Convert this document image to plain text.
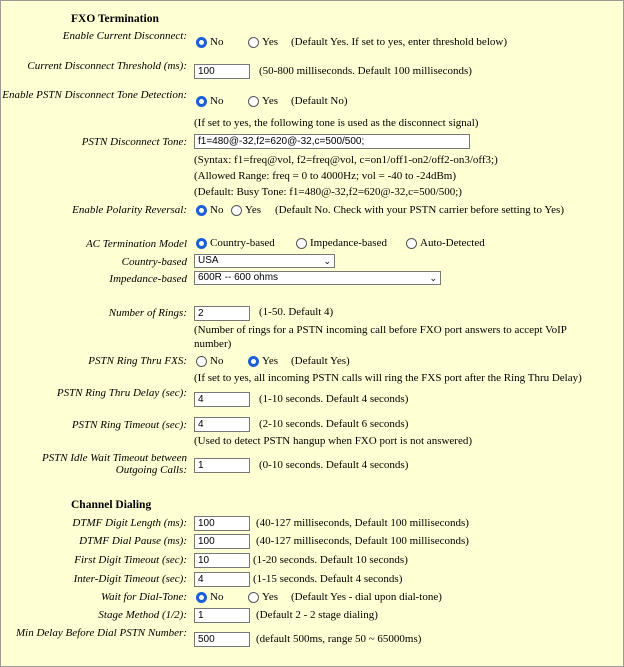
FXO Termination
Enable Current Disconnect: No	Yes (Default Yes. If set to yes, enter threshold below)
Current Disconnect Threshold (ms):	100	(50-800 milliseconds. Default 100 milliseconds)
Enable PSTN Disconnect Tone Detection: No	Yes (Default No)
(If set to yes, the following tone is used as the disconnect signal)
PSTN Disconnect Tone:	f1=480@-32,f2=620@-32,c=500/500;
(Syntax: f1=freq@vol, f2=freq@vol, c=on1/off1-on2/off2-on3/off3;)
(Allowed Range: freq = 0 to 4000Hz; vol = -40 to -24dBm)
(Default: Busy Tone: f1=480@-32,f2=620@-32,c=500/500;)
Enable Polarity Reversal: No Yes (Default No. Check with your PSTN carrier before setting to Yes)
AC Termination Model Country-based	Impedance-based	Auto-Detected
Country-based	USA	⌄
Impedance-based	600R -- 600 ohms	⌄
Number of Rings:	2	(1-50. Default 4)
(Number of rings for a PSTN incoming call before FXO port answers to accept VoIP
number)
PSTN Ring Thru FXS: No	Yes (Default Yes)
(If set to yes, all incoming PSTN calls will ring the FXS port after the Ring Thru Delay)
PSTN Ring Thru Delay (sec):
4	(1-10 seconds. Default 4 seconds)
PSTN Ring Timeout (sec):	4	(2-10 seconds. Default 6 seconds)
(Used to detect PSTN hangup when FXO port is not answered)
PSTN Idle Wait Timeout between Outgoing Calls:	1	(0-10 seconds. Default 4 seconds)
Channel Dialing
DTMF Digit Length (ms):	100	(40-127 milliseconds, Default 100 milliseconds)
DTMF Dial Pause (ms):	100	(40-127 milliseconds, Default 100 milliseconds)
First Digit Timeout (sec):	10	(1-20 seconds. Default 10 seconds)
Inter-Digit Timeout (sec):	4	(1-15 seconds. Default 4 seconds)
Wait for Dial-Tone: No	Yes (Default Yes - dial upon dial-tone)
Stage Method (1/2):	1	(Default 2 - 2 stage dialing)
Min Delay Before Dial PSTN Number:
500	(default 500ms, range 50 ~ 65000ms)
